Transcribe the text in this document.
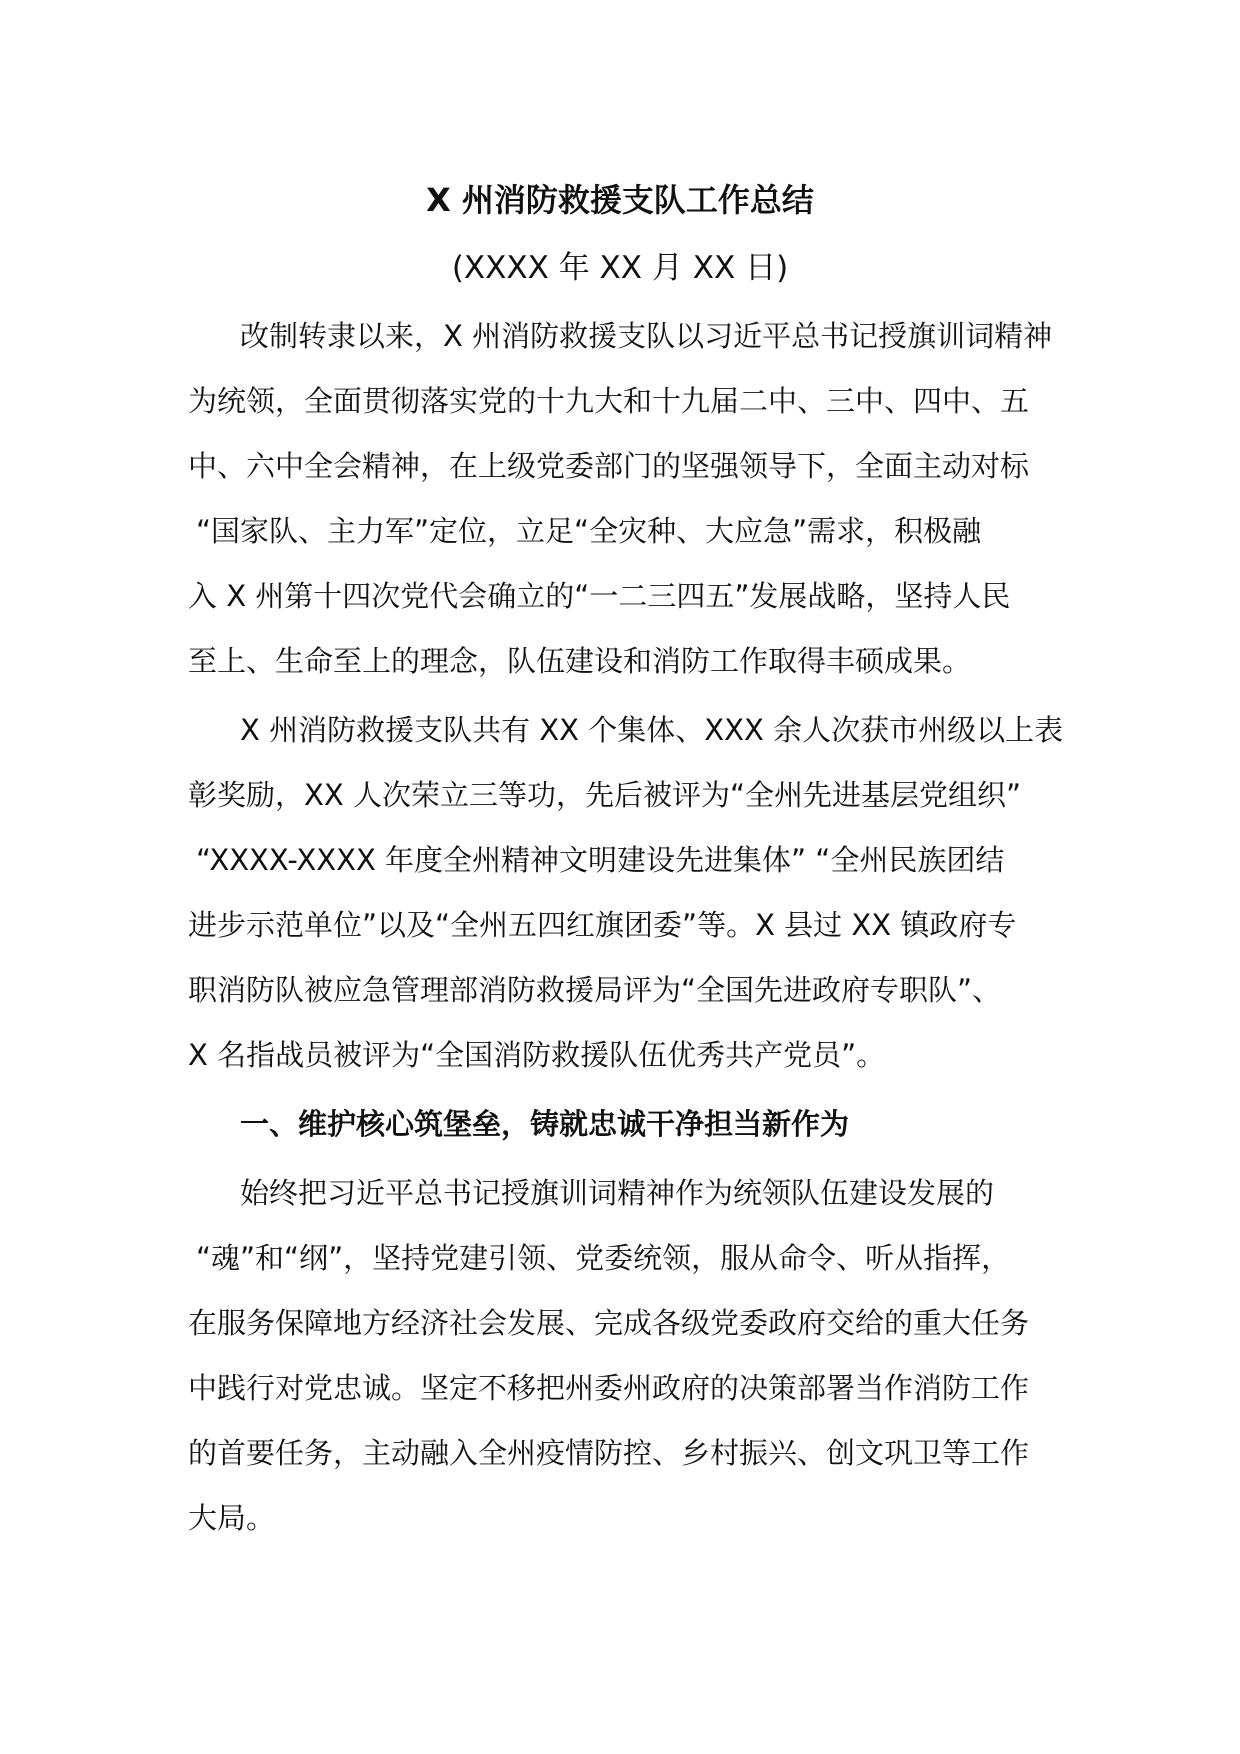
X 州消防救援支队工作总结

(XXXX 年 XX 月 XX 日)

改制转隶以来，X 州消防救援支队以习近平总书记授旗训词精神

为统领，全面贯彻落实党的十九大和十九届二中、三中、四中、五

中、六中全会精神，在上级党委部门的坚强领导下，全面主动对标

“国家队、主力军”定位，立足“全灾种、大应急”需求，积极融

入 X 州第十四次党代会确立的“一二三四五”发展战略，坚持人民

至上、生命至上的理念，队伍建设和消防工作取得丰硕成果。

X 州消防救援支队共有 XX 个集体、XXX 余人次获市州级以上表

彰奖励，XX 人次荣立三等功，先后被评为“全州先进基层党组织”

“XXXX-XXXX 年度全州精神文明建设先进集体” “全州民族团结

进步示范单位”以及“全州五四红旗团委”等。X 县过 XX 镇政府专

职消防队被应急管理部消防救援局评为“全国先进政府专职队”、

X 名指战员被评为“全国消防救援队伍优秀共产党员”。

一、维护核心筑堡垒，铸就忠诚干净担当新作为

始终把习近平总书记授旗训词精神作为统领队伍建设发展的

“魂”和“纲”，坚持党建引领、党委统领，服从命令、听从指挥，

在服务保障地方经济社会发展、完成各级党委政府交给的重大任务

中践行对党忠诚。坚定不移把州委州政府的决策部署当作消防工作

的首要任务，主动融入全州疫情防控、乡村振兴、创文巩卫等工作

大局。
